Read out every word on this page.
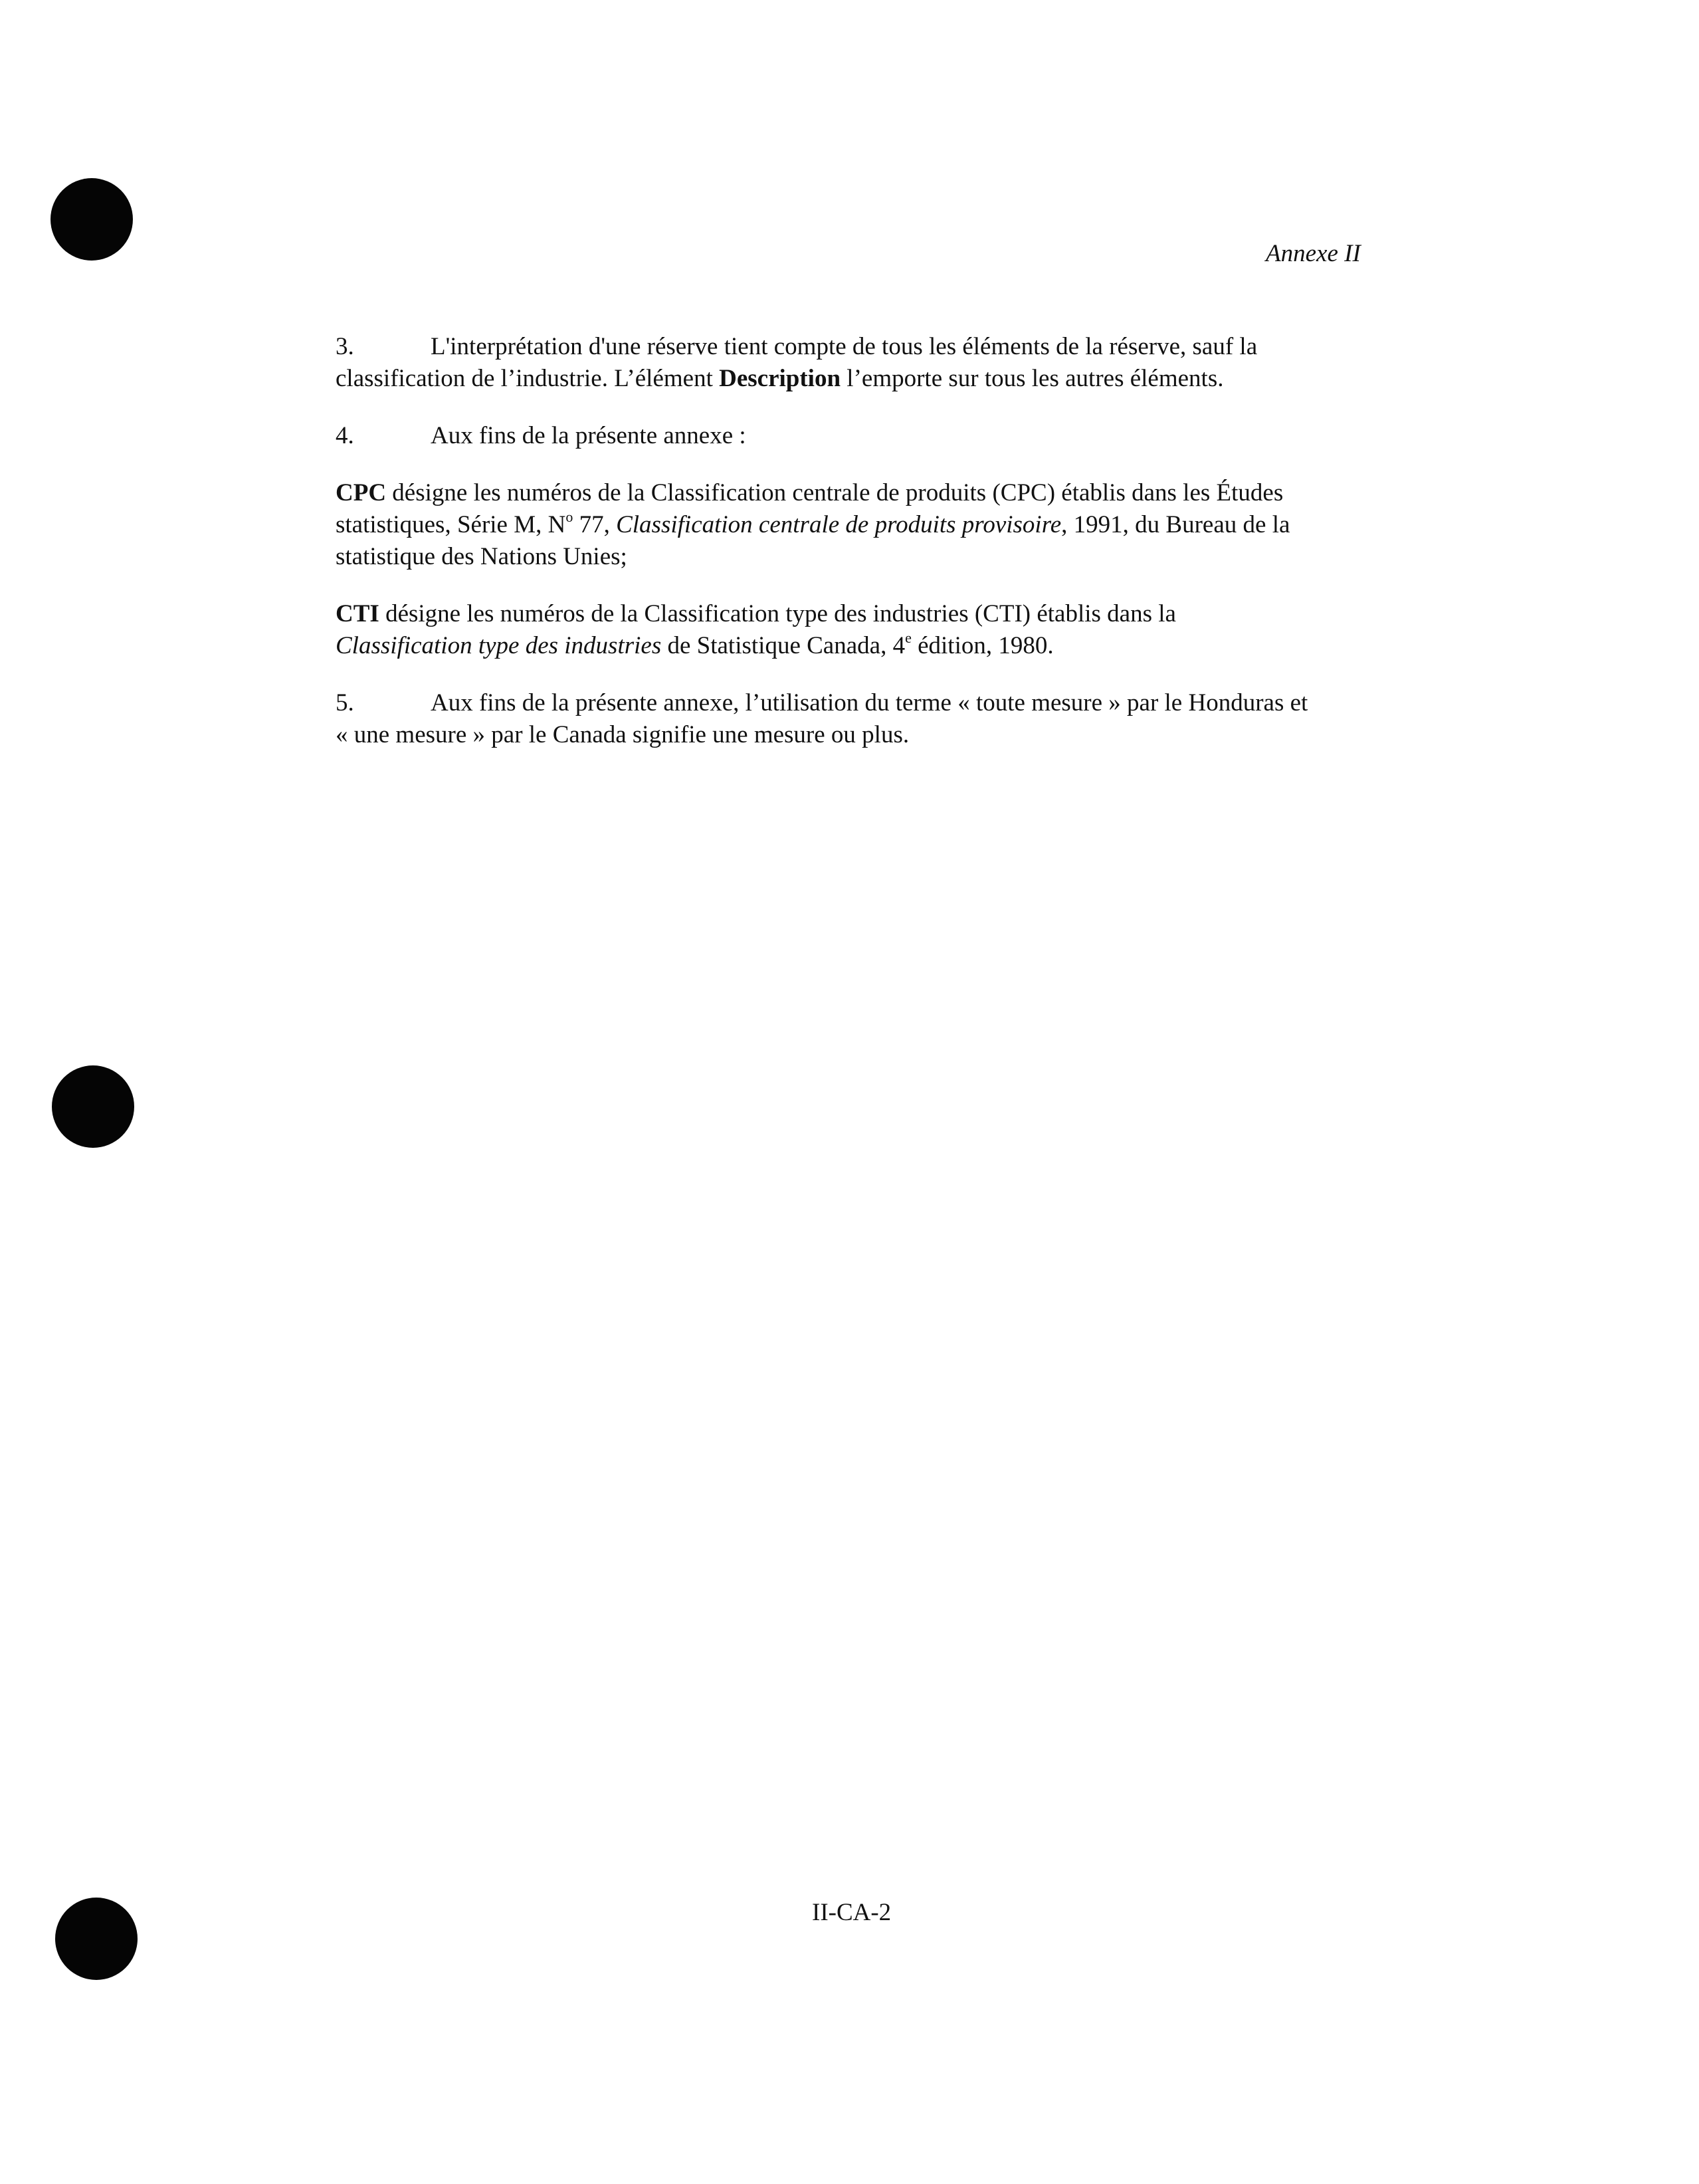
Annexe II
3.	L'interprétation d'une réserve tient compte de tous les éléments de la réserve, sauf la
classification de l’industrie. L’élément Description l’emporte sur tous les autres éléments.
4.	Aux fins de la présente annexe :
CPC désigne les numéros de la Classification centrale de produits (CPC) établis dans les Études
statistiques, Série M, $N^o$ 77, Classification centrale de produits provisoire, 1991, du Bureau de la
statistique des Nations Unies;
CTI désigne les numéros de la Classification type des industries (CTI) établis dans la
Classification type des industries de Statistique Canada, 4e édition, 1980.
5.	Aux fins de la présente annexe, l’utilisation du terme « toute mesure » par le Honduras et
« une mesure » par le Canada signifie une mesure ou plus.
II-CA-2
